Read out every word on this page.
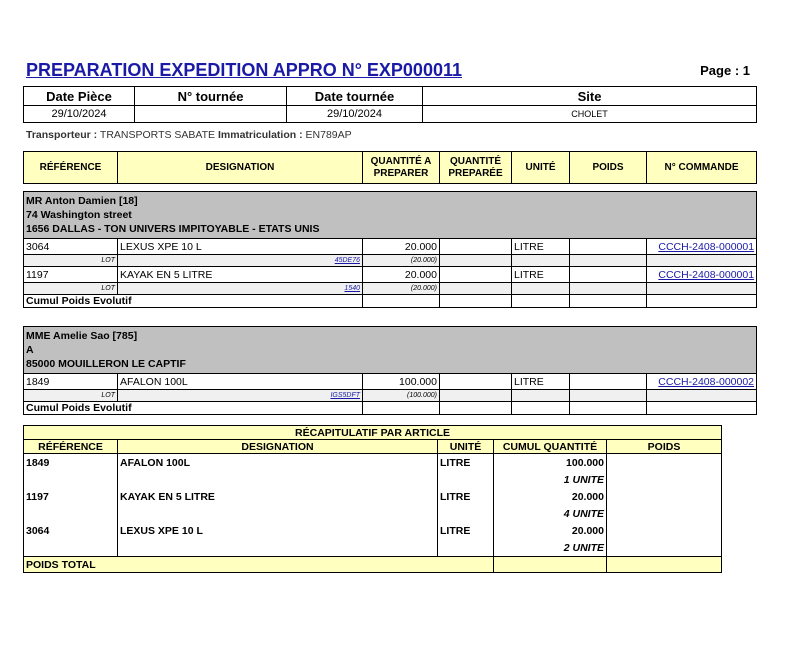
PREPARATION EXPEDITION APPRO N° EXP000011	Page : 1
Date Pièce	N° tournée	Date tournée	Site
29/10/2024		29/10/2024	CHOLET
Transporteur : TRANSPORTS SABATE Immatriculation : EN789AP
RÉFÉRENCE	DESIGNATION	QUANTITÉ A PREPARER	QUANTITÉ PREPARÉE	UNITÉ	POIDS	N° COMMANDE
MR Anton Damien [18]
74 Washington street
1656 DALLAS - TON UNIVERS IMPITOYABLE - ETATS UNIS						

3064	LEXUS XPE 10 L	20.000		LITRE		CCCH-2408-000001
LOT	45DE76	(20.000)				
1197	KAYAK EN 5 LITRE	20.000		LITRE		CCCH-2408-000001
LOT	1540	(20.000)				
Cumul Poids Evolutif						
MME Amelie Sao [785]
A
85000 MOUILLERON LE CAPTIF						

1849	AFALON 100L	100.000		LITRE		CCCH-2408-000002
LOT	IGS5DFT	(100.000)				
Cumul Poids Evolutif						
RÉCAPITULATIF PAR ARTICLE				
RÉFÉRENCE	DESIGNATION	UNITÉ	CUMUL QUANTITÉ	POIDS
1849	AFALON 100L	LITRE	100.000	
			1 UNITE	
1197	KAYAK EN 5 LITRE	LITRE	20.000	
			4 UNITE	
3064	LEXUS XPE 10 L	LITRE	20.000	
			2 UNITE	
POIDS TOTAL				
